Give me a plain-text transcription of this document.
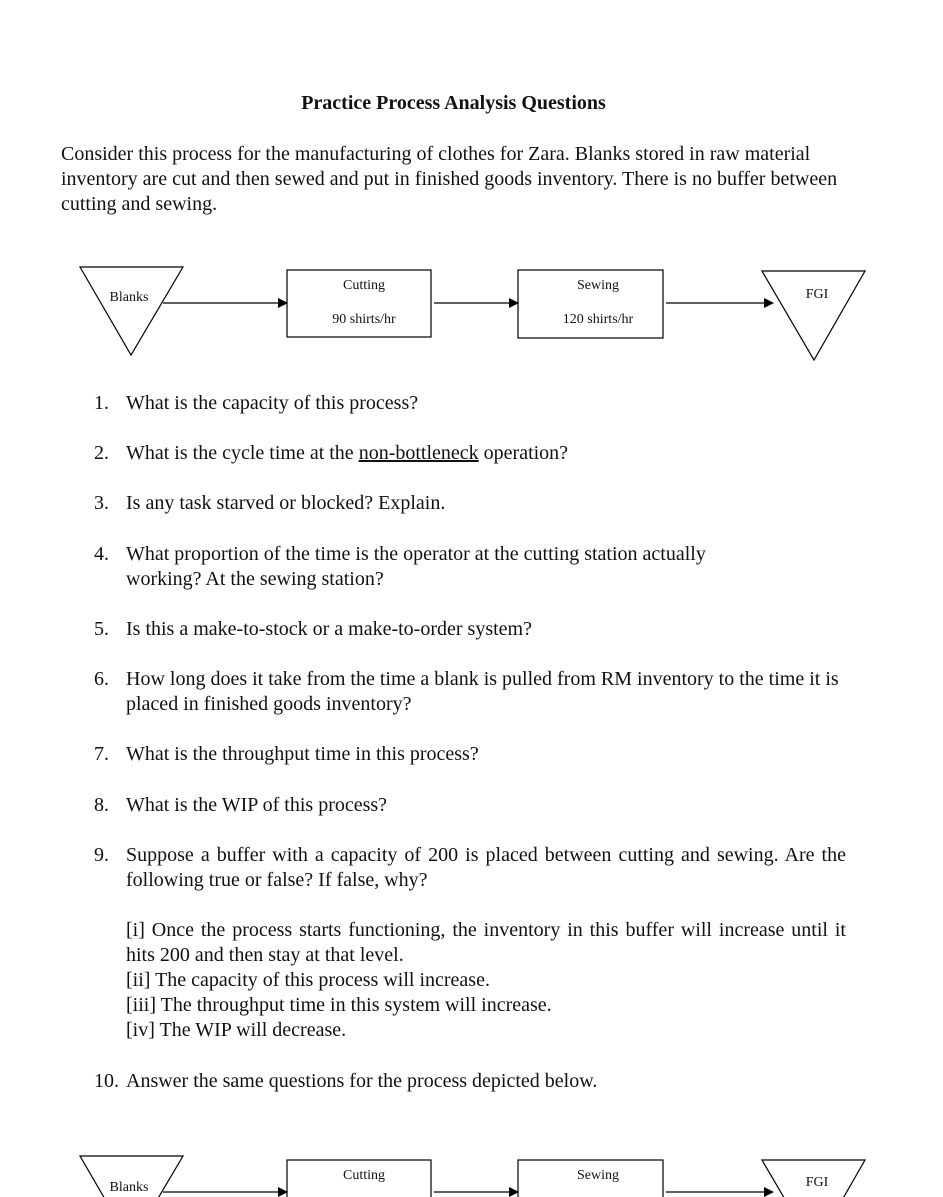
Practice Process Analysis Questions
Consider this process for the manufacturing of clothes for Zara. Blanks stored in raw material inventory are cut and then sewed and put in finished goods inventory. There is no buffer between cutting and sewing.
Blanks
Cutting
90 shirts/hr
Sewing
120 shirts/hr
FGI
1. What is the capacity of this process?
2. What is the cycle time at the non-bottleneck operation?
3. Is any task starved or blocked? Explain.
4. What proportion of the time is the operator at the cutting station actually working? At the sewing station?
5. Is this a make-to-stock or a make-to-order system?
6. How long does it take from the time a blank is pulled from RM inventory to the time it is placed in finished goods inventory?
7. What is the throughput time in this process?
8. What is the WIP of this process?
9. Suppose a buffer with a capacity of 200 is placed between cutting and sewing. Are the following true or false? If false, why?
[i] Once the process starts functioning, the inventory in this buffer will increase until it hits 200 and then stay at that level.
[ii] The capacity of this process will increase.
[iii] The throughput time in this system will increase.
[iv] The WIP will decrease.
10. Answer the same questions for the process depicted below.
Blanks
Cutting	Sewing	FGI
